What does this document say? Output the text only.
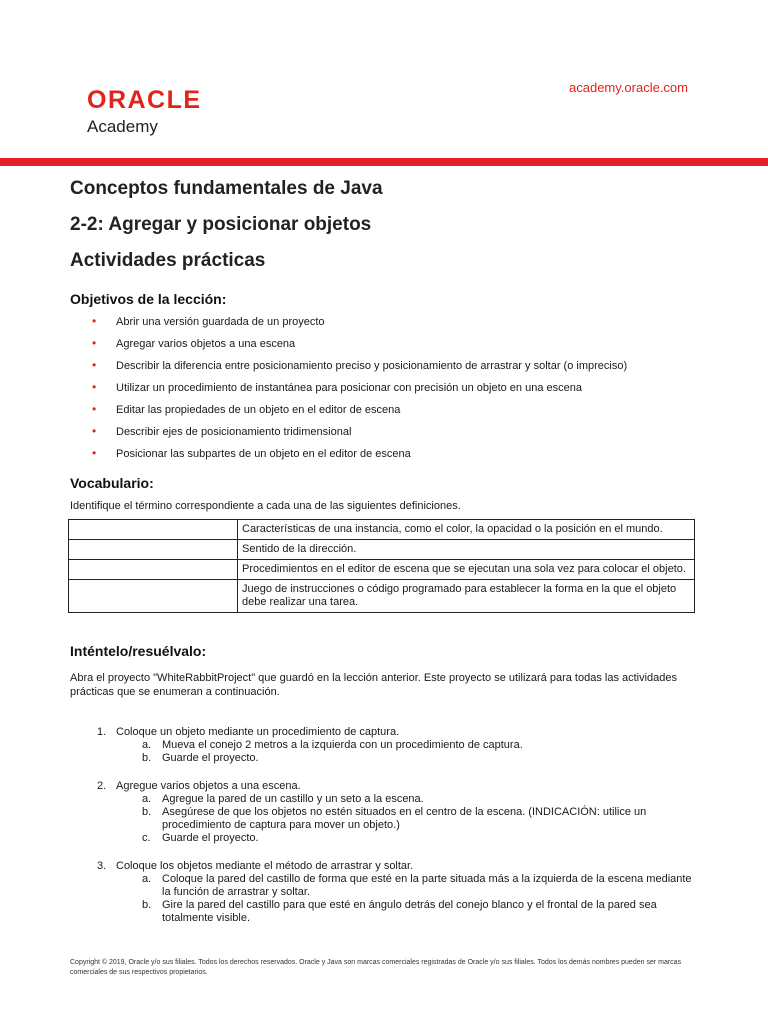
ORACLE
Academy
academy.oracle.com
Conceptos fundamentales de Java
2-2: Agregar y posicionar objetos
Actividades prácticas
Objetivos de la lección:
• Abrir una versión guardada de un proyecto
• Agregar varios objetos a una escena
• Describir la diferencia entre posicionamiento preciso y posicionamiento de arrastrar y soltar (o impreciso)
• Utilizar un procedimiento de instantánea para posicionar con precisión un objeto en una escena
• Editar las propiedades de un objeto en el editor de escena
• Describir ejes de posicionamiento tridimensional
• Posicionar las subpartes de un objeto en el editor de escena
Vocabulario:

Identifique el término correspondiente a cada una de las siguientes definiciones.

	Características de una instancia, como el color, la opacidad o la posición en el mundo.
	Sentido de la dirección.
	Procedimientos en el editor de escena que se ejecutan una sola vez para colocar el objeto.
	Juego de instrucciones o código programado para establecer la forma en la que el objeto debe realizar una tarea.
Inténtelo/resuélvalo:

Abra el proyecto "WhiteRabbitProject" que guardó en la lección anterior. Este proyecto se utilizará para todas las actividades prácticas que se enumeran a continuación.

1. Coloque un objeto mediante un procedimiento de captura.
a. Mueva el conejo 2 metros a la izquierda con un procedimiento de captura.
b. Guarde el proyecto.
2. Agregue varios objetos a una escena.
a. Agregue la pared de un castillo y un seto a la escena.
b. Asegúrese de que los objetos no estén situados en el centro de la escena. (INDICACIÓN: utilice un procedimiento de captura para mover un objeto.)
c. Guarde el proyecto.
3. Coloque los objetos mediante el método de arrastrar y soltar.
a. Coloque la pared del castillo de forma que esté en la parte situada más a la izquierda de la escena mediante la función de arrastrar y soltar.
b. Gire la pared del castillo para que esté en ángulo detrás del conejo blanco y el frontal de la pared sea totalmente visible.
Copyright © 2019, Oracle y/o sus filiales. Todos los derechos reservados. Oracle y Java son marcas comerciales registradas de Oracle y/o sus filiales. Todos los demás nombres pueden ser marcas comerciales de sus respectivos propietarios.
